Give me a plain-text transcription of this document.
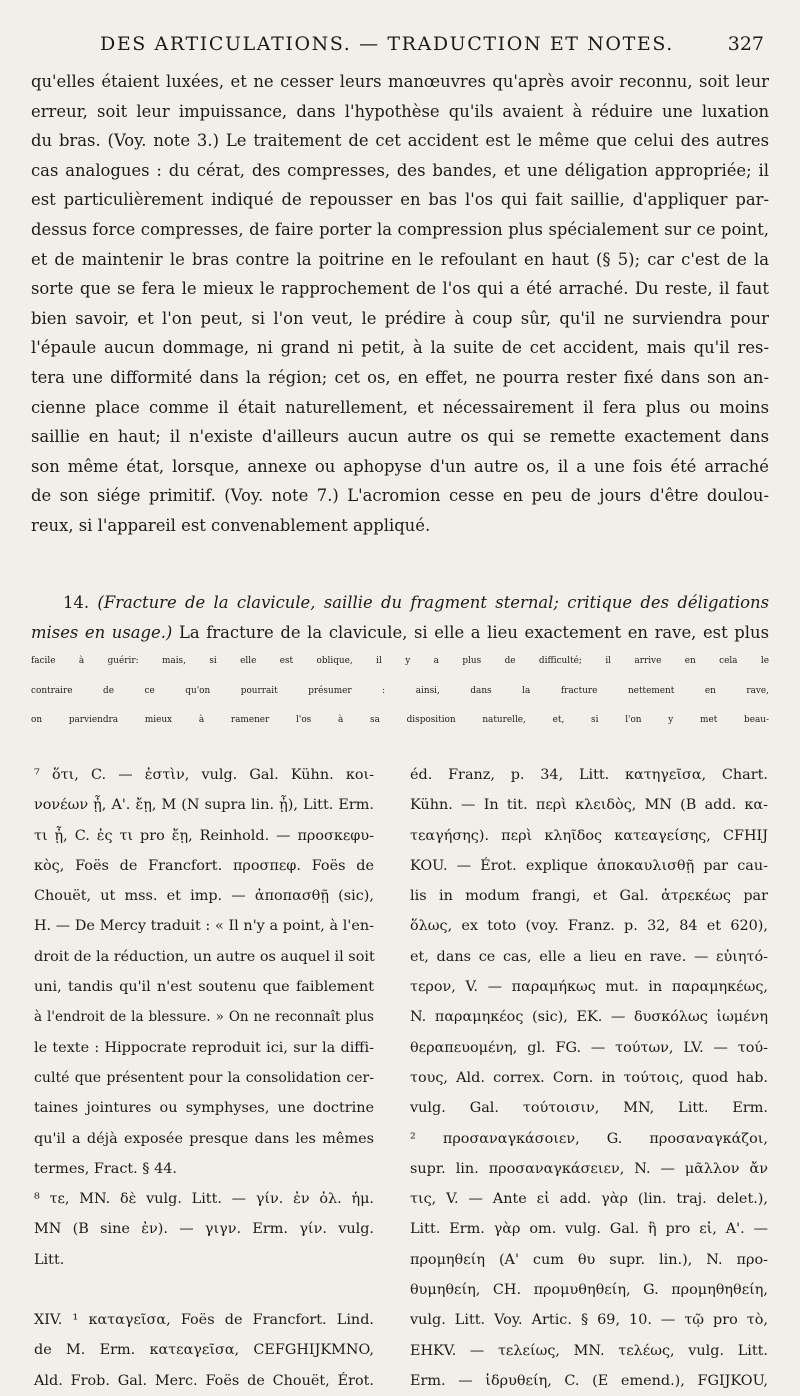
DES ARTICULATIONS. — TRADUCTION ET NOTES.	327
qu'elles étaient luxées, et ne cesser leurs manœuvres qu'après avoir reconnu, soit leur
erreur, soit leur impuissance, dans l'hypothèse qu'ils avaient à réduire une luxation
du bras. (Voy. note 3.) Le traitement de cet accident est le même que celui des autres
cas analogues : du cérat, des compresses, des bandes, et une déligation appropriée; il
est particulièrement indiqué de repousser en bas l'os qui fait saillie, d'appliquer par-
dessus force compresses, de faire porter la compression plus spécialement sur ce point,
et de maintenir le bras contre la poitrine en le refoulant en haut (§ 5); car c'est de la
sorte que se fera le mieux le rapprochement de l'os qui a été arraché. Du reste, il faut
bien savoir, et l'on peut, si l'on veut, le prédire à coup sûr, qu'il ne surviendra pour
l'épaule aucun dommage, ni grand ni petit, à la suite de cet accident, mais qu'il res-
tera une difformité dans la région; cet os, en effet, ne pourra rester fixé dans son an-
cienne place comme il était naturellement, et nécessairement il fera plus ou moins
saillie en haut; il n'existe d'ailleurs aucun autre os qui se remette exactement dans
son même état, lorsque, annexe ou aphopyse d'un autre os, il a une fois été arraché
de son siége primitif. (Voy. note 7.) L'acromion cesse en peu de jours d'être doulou-
reux, si l'appareil est convenablement appliqué.
14. (Fracture de la clavicule, saillie du fragment sternal; critique des déligations
mises en usage.) La fracture de la clavicule, si elle a lieu exactement en rave, est plus
facile à guérir: mais, si elle est oblique, il y a plus de difficulté; il arrive en cela le
contraire de ce qu'on pourrait présumer : ainsi, dans la fracture nettement en rave,
on parviendra mieux à ramener l'os à sa disposition naturelle, et, si l'on y met beau-
⁷ ὅτι, C. — ἐστὶν, vulg. Gal. Kühn. κοι-
νονέων ᾖ, A'. ἔῃ, M (N supra lin. ᾖ), Litt. Erm.
τι ᾖ, C. ἐς τι pro ἔῃ, Reinhold. — προσκεφυ-
κὸς, Foës de Francfort. προσπεφ. Foës de
Chouët, ut mss. et imp. — ἀποπασθῇ (sic),
H. — De Mercy traduit : « Il n'y a point, à l'en-
droit de la réduction, un autre os auquel il soit
uni, tandis qu'il n'est soutenu que faiblement
à l'endroit de la blessure. » On ne reconnaît plus
le texte : Hippocrate reproduit ici, sur la diffi-
culté que présentent pour la consolidation cer-
taines jointures ou symphyses, une doctrine
qu'il a déjà exposée presque dans les mêmes
termes, Fract. § 44.
⁸ τε, MN. δὲ vulg. Litt. — γίν. ἐν ὀλ. ἡμ.
MN (B sine ἐν). — γιγν. Erm. γίν. vulg.
Litt.
XIV. ¹ καταγεῖσα, Foës de Francfort. Lind.
de M. Erm. κατεαγεῖσα, CEFGHIJKMNO,
Ald. Frob. Gal. Merc. Foës de Chouët, Érot.
éd. Franz, p. 34, Litt. κατηγεῖσα, Chart.
Kühn. — In tit. περὶ κλειδὸς, MN (B add. κα-
τεαγήσης). περὶ κληῖδος κατεαγείσης, CFHIJ
KOU. — Érot. explique ἀποκαυλισθῇ par cau-
lis in modum frangi, et Gal. ἀτρεκέως par
ὅλως, ex toto (voy. Franz. p. 32, 84 et 620),
et, dans ce cas, elle a lieu en rave. — εὐιητό-
τερον, V. — παραμήκως mut. in παραμηκέως,
N. παραμηκέος (sic), EK. — δυσκόλως ἰωμένη
θεραπευομένη, gl. FG. — τούτων, LV. — τού-
τους, Ald. correx. Corn. in τούτοις, quod hab.
vulg. Gal. τούτοισιν, MN, Litt. Erm.
² προσαναγκάσοιεν, G. προσαναγκάζοι,
supr. lin. προσαναγκάσειεν, N. — μᾶλλον ἄν
τις, V. — Ante εἰ add. γὰρ (lin. traj. delet.),
Litt. Erm. γὰρ om. vulg. Gal. ἢ pro εἰ, A'. —
προμηθείη (A' cum θυ supr. lin.), N. προ-
θυμηθείη, CH. προμυθηθείη, G. προμηθηθείη,
vulg. Litt. Voy. Artic. § 69, 10. — τῷ pro τὸ,
EHKV. — τελείως, MN. τελέως, vulg. Litt.
Erm. — ἱδρυθείη, C. (E emend.), FGIJKOU,
